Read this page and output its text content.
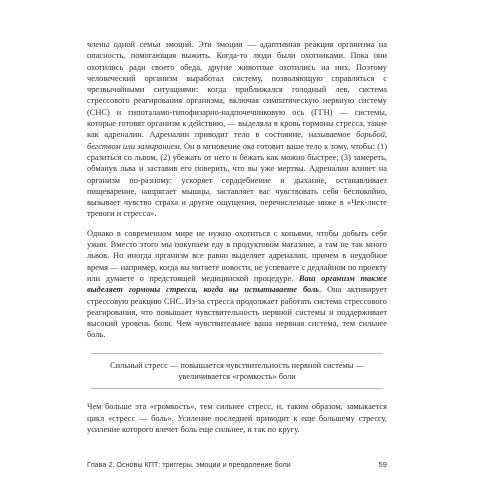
члены одной семьи эмоций. Эти эмоции — адаптивная реакция организма на опасность, помогающая выжить. Когда-то люди были охотниками. Пока они охотились ради своего обеда, другие животные охотились на них. Поэтому человеческий организм выработал систему, позволяющую справляться с чрезвычайными ситуациями: когда приближался голодный лев, система стрессового реагирования организма, включая симпатическую нервную систему (СНС) и гипоталамо-гипофизарно-надпочечниковую ось (ГГН) — системы, которые готовят организм к действию, — выделяла в кровь гормоны стресса, такие как адреналин. Адреналин приводит тело в состояние, называемое борьбой, бегством или замиранием. Он в мгновение ока готовит ваше тело к тому, чтобы: (1) сразиться со львом, (2) убежать от него и бежать как можно быстрее; (3) замереть, обманув льва и заставив его поверить, что вы уже мертвы. Адреналин влияет на организм по-разному: ускоряет сердцебиение и дыхание, останавливает пищеварение, напрягает мышцы, заставляет вас чувствовать себя беспокойно, вызывает чувство страха и другие ощущения, перечисленные ниже в «Чек-листе тревоги и стресса».

Однако в современном мире не нужно охотиться с копьями, чтобы добыть себе ужин. Вместо этого мы покупаем еду в продуктовом магазине, а там не так много львов. Но иногда организм все равно выделяет адреналин, причем в неудобное время — например, когда вы читаете новости, не успеваете с дедлайном по проекту или думаете о предстоящей медицинской процедуре. Ваш организм также выделяет гормоны стресса, когда вы испытываете боль. Она активирует стрессовую реакцию СНС. Из-за стресса продолжает работать система стрессового реагирования, что повышает чувствительность нервной системы и поддерживает высокий уровень боли. Чем чувствительнее ваша нервная система, тем сильнее боль.

Сильный стресс — повышается чувствительность нервной системы — увеличивается «громкость» боли

Чем больше эта «громкость», тем сильнее стресс, и, таким образом, замыкается цикл «стресс — боль». Усиление последней приводит к еще большему стрессу, усиление которого влечет боль еще сильнее, и так по кругу.

Глава 2. Основы КПТ: триггеры, эмоции и преодоление боли	59
